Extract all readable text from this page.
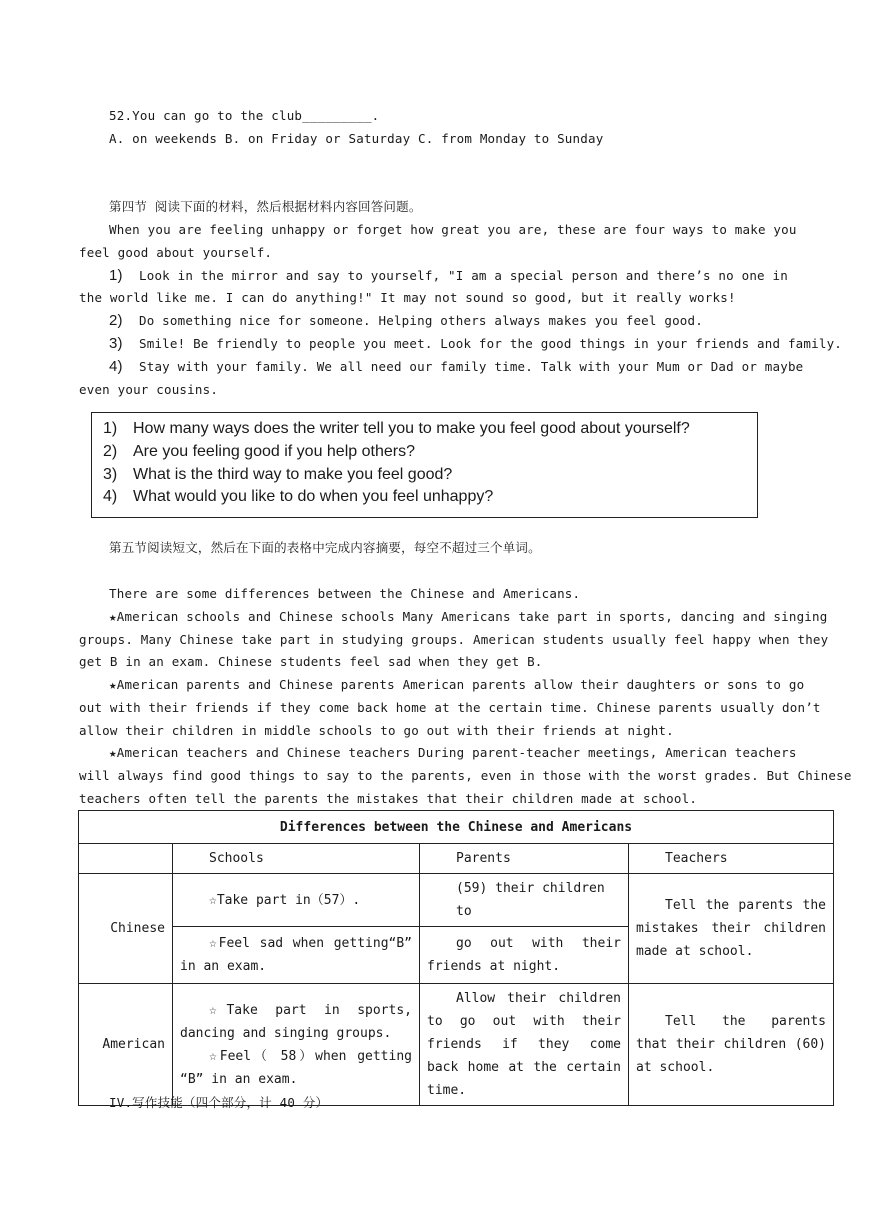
52.You can go to the club_________.
A. on weekends B. on Friday or Saturday C. from Monday to Sunday
第四节 阅读下面的材料，然后根据材料内容回答问题。
When you are feeling unhappy or forget how great you are, these are four ways to make you
feel good about yourself.
1) Look in the mirror and say to yourself, "I am a special person and there’s no one in
the world like me. I can do anything!" It may not sound so good, but it really works!
2) Do something nice for someone. Helping others always makes you feel good.
3) Smile! Be friendly to people you meet. Look for the good things in your friends and family.
4) Stay with your family. We all need our family time. Talk with your Mum or Dad or maybe
even your cousins.
1) How many ways does the writer tell you to make you feel good about yourself?
2) Are you feeling good if you help others?
3) What is the third way to make you feel good?
4) What would you like to do when you feel unhappy?
第五节阅读短文，然后在下面的表格中完成内容摘要，每空不超过三个单词。
There are some differences between the Chinese and Americans.
★American schools and Chinese schools Many Americans take part in sports, dancing and singing
groups. Many Chinese take part in studying groups. American students usually feel happy when they
get B in an exam. Chinese students feel sad when they get B.
★American parents and Chinese parents American parents allow their daughters or sons to go
out with their friends if they come back home at the certain time. Chinese parents usually don’t
allow their children in middle schools to go out with their friends at night.
★American teachers and Chinese teachers During parent-teacher meetings, American teachers
will always find good things to say to the parents, even in those with the worst grades. But Chinese
teachers often tell the parents the mistakes that their children made at school.
Differences between the Chinese and Americans			
	Schools	Parents	Teachers
Chinese	☆Take part in（57）.	(59) their children to	Tell the parents the mistakes their children made at school.
	☆Feel sad when getting“B” in an exam.	go out with their friends at night.	
American	☆Take part in sports, dancing and singing groups.
☆Feel（ 58）when getting “B” in an exam.	Allow their children to go out with their friends if they come back home at the certain time.	Tell the parents that their children (60) at school.
IV.写作技能（四个部分，计 40 分）
